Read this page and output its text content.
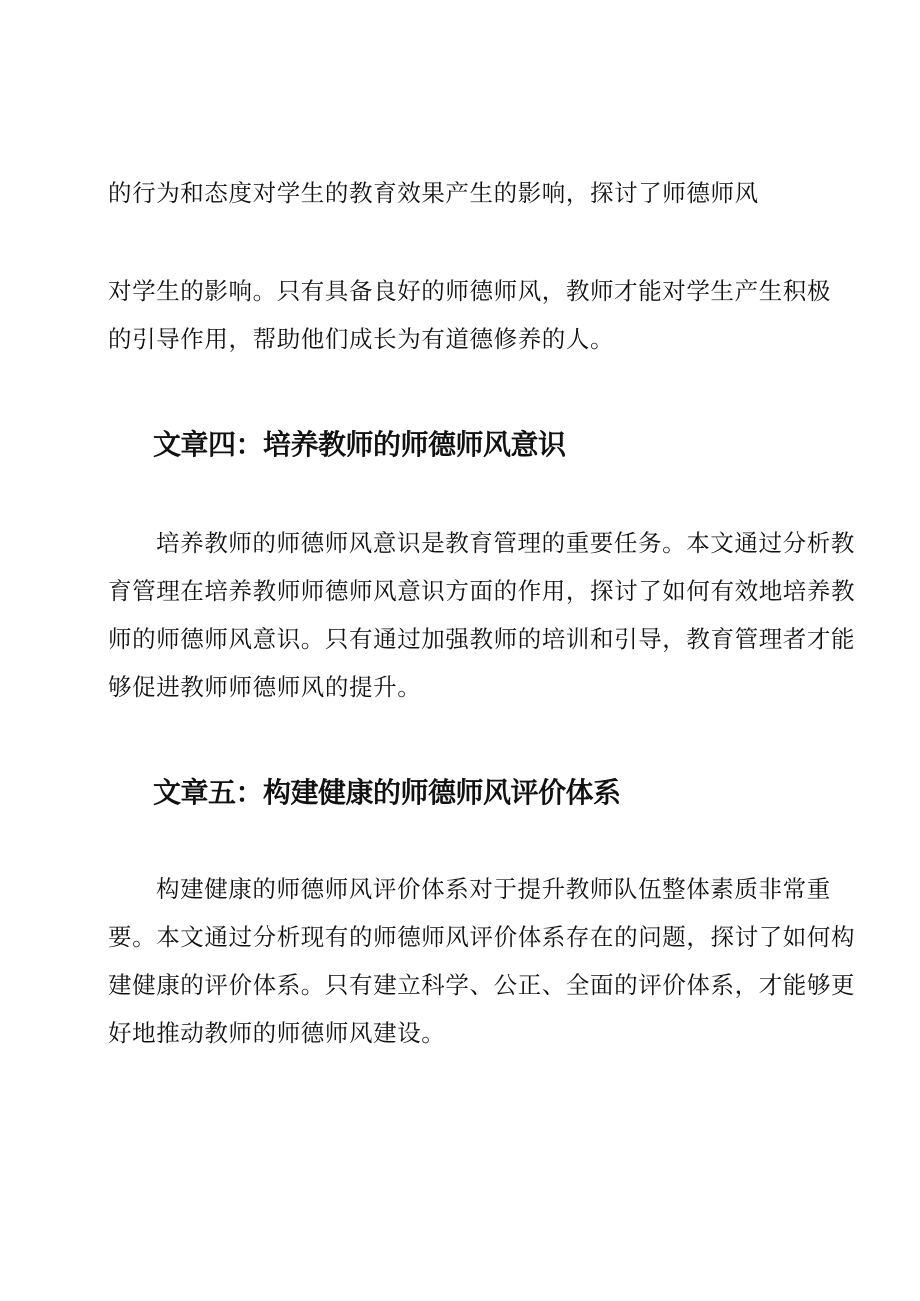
的行为和态度对学生的教育效果产生的影响，探讨了师德师风
对学生的影响。只有具备良好的师德师风，教师才能对学生产生积极
的引导作用，帮助他们成长为有道德修养的人。
文章四：培养教师的师德师风意识
培养教师的师德师风意识是教育管理的重要任务。本文通过分析教
育管理在培养教师师德师风意识方面的作用，探讨了如何有效地培养教
师的师德师风意识。只有通过加强教师的培训和引导，教育管理者才能
够促进教师师德师风的提升。
文章五：构建健康的师德师风评价体系
构建健康的师德师风评价体系对于提升教师队伍整体素质非常重
要。本文通过分析现有的师德师风评价体系存在的问题，探讨了如何构
建健康的评价体系。只有建立科学、公正、全面的评价体系，才能够更
好地推动教师的师德师风建设。
